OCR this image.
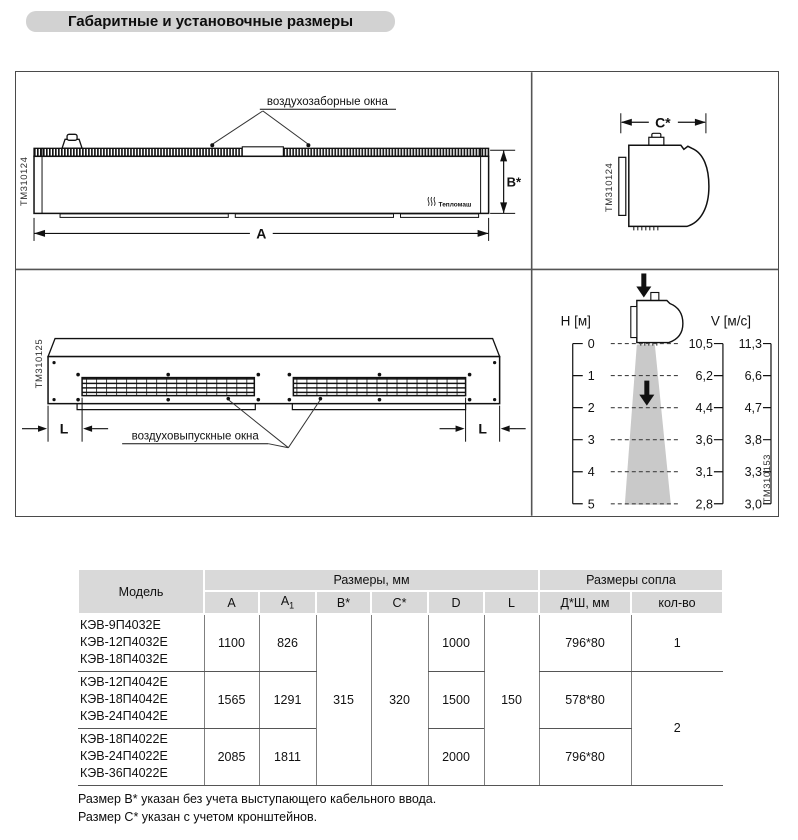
Габаритные и установочные размеры
TM310124
воздухозаборные окна
Тепломаш
A
B*	TM310124
C*
TM310125
L	L
воздуховыпускные окна
H [м]	V [м/с]
0
1
2
3
4
5
10,5
6,2
4,4
3,6
3,1
2,8
11,3
6,6
4,7
3,8
3,3
3,0
TM310153
Модель	Размеры, мм						Размеры сопла	
	A	$A_1$	B*	C*	D	L	Д*Ш, мм	кол-во

КЭВ-9П4032Е
КЭВ-12П4032Е
КЭВ-18П4032Е	1100	826	315	320	1000	150	796*80	1

КЭВ-12П4042Е
КЭВ-18П4042Е
КЭВ-24П4042Е	1565	1291			1500		578*80	2

КЭВ-18П4022Е
КЭВ-24П4022Е
КЭВ-36П4022Е	2085	1811			2000		796*80	
Размер B* указан без учета выступающего кабельного ввода.
Размер C* указан с учетом кронштейнов.
